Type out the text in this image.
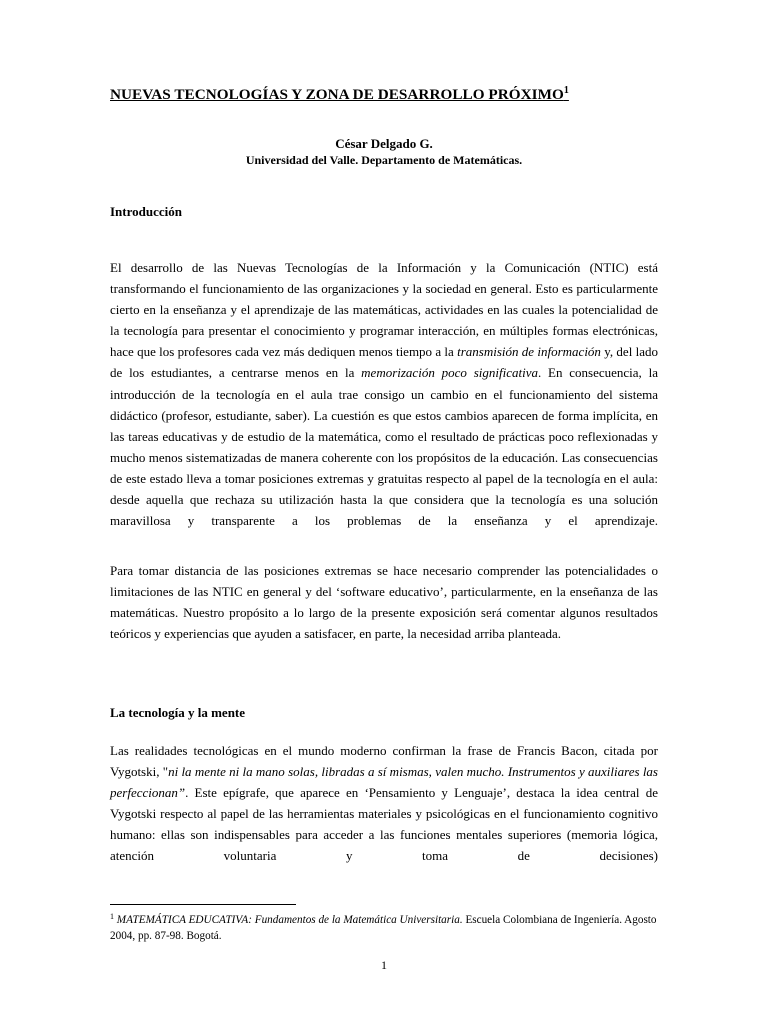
NUEVAS TECNOLOGÍAS Y ZONA DE DESARROLLO PRÓXIMO$^1$
César Delgado G.
Universidad del Valle. Departamento de Matemáticas.
Introducción
El desarrollo de las Nuevas Tecnologías de la Información y la Comunicación (NTIC) está transformando el funcionamiento de las organizaciones y la sociedad en general. Esto es particularmente cierto en la enseñanza y el aprendizaje de las matemáticas, actividades en las cuales la potencialidad de la tecnología para presentar el conocimiento y programar interacción, en múltiples formas electrónicas, hace que los profesores cada vez más dediquen menos tiempo a la transmisión de información y, del lado de los estudiantes, a centrarse menos en la memorización poco significativa. En consecuencia, la introducción de la tecnología en el aula trae consigo un cambio en el funcionamiento del sistema didáctico (profesor, estudiante, saber). La cuestión es que estos cambios aparecen de forma implícita, en las tareas educativas y de estudio de la matemática, como el resultado de prácticas poco reflexionadas y mucho menos sistematizadas de manera coherente con los propósitos de la educación. Las consecuencias de este estado lleva a tomar posiciones extremas y gratuitas respecto al papel de la tecnología en el aula: desde aquella que rechaza su utilización hasta la que considera que la tecnología es una solución maravillosa y transparente a los problemas de la enseñanza y el aprendizaje.
Para tomar distancia de las posiciones extremas se hace necesario comprender las potencialidades o limitaciones de las NTIC en general y del ‘software educativo’, particularmente, en la enseñanza de las matemáticas. Nuestro propósito a lo largo de la presente exposición será comentar algunos resultados teóricos y experiencias que ayuden a satisfacer, en parte, la necesidad arriba planteada.
La tecnología y la mente
Las realidades tecnológicas en el mundo moderno confirman la frase de Francis Bacon, citada por Vygotski, "ni la mente ni la mano solas, libradas a sí mismas, valen mucho. Instrumentos y auxiliares las perfeccionan”. Este epígrafe, que aparece en ‘Pensamiento y Lenguaje’, destaca la idea central de Vygotski respecto al papel de las herramientas materiales y psicológicas en el funcionamiento cognitivo humano: ellas son indispensables para acceder a las funciones mentales superiores (memoria lógica, atención voluntaria y toma de decisiones)
$^1$ MATEMÁTICA EDUCATIVA: Fundamentos de la Matemática Universitaria. Escuela Colombiana de Ingeniería. Agosto 2004, pp. 87-98. Bogotá.
1
